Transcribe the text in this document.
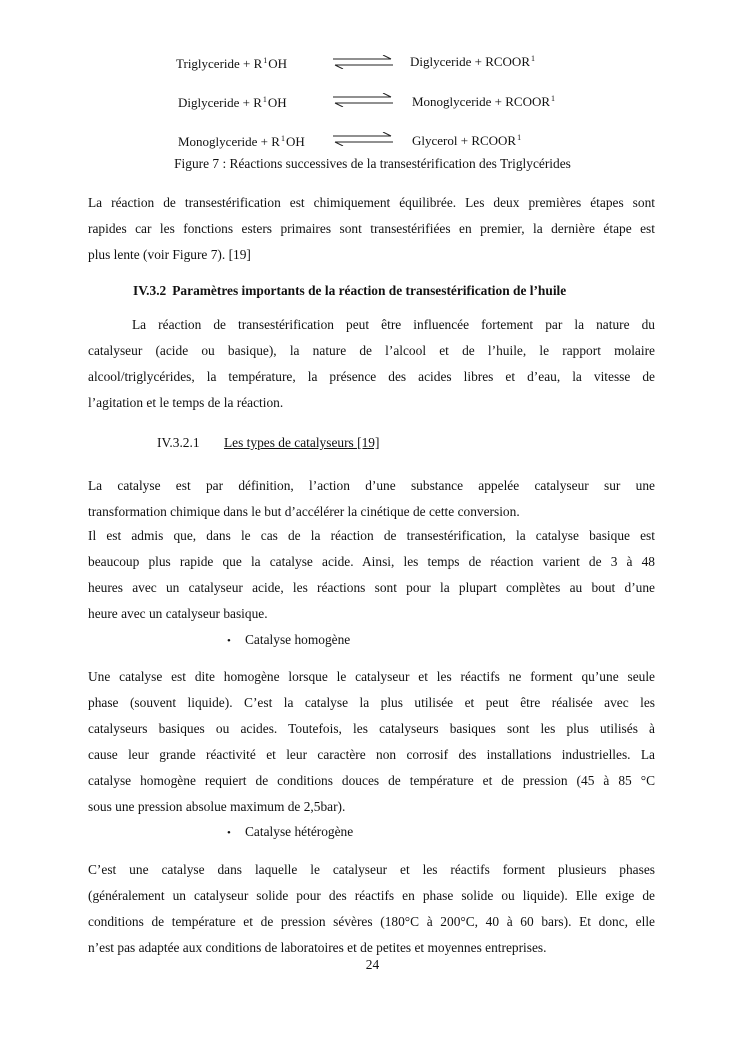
Triglyceride + $R^1OH$	⇌ Diglyceride + $RCOOR^1$
Diglyceride + $R^1OH$	⇌ Monoglyceride + $RCOOR^1$
Monoglyceride + $R^1OH$ ⇌ Glycerol + $RCOOR^1$
Figure 7 : Réactions successives de la transestérification des Triglycérides
La réaction de transestérification est chimiquement équilibrée. Les deux premières étapes sont
rapides car les fonctions esters primaires sont transestérifiées en premier, la dernière étape est
plus lente (voir Figure 7). [19]
IV.3.2 Paramètres importants de la réaction de transestérification de l’huile
La réaction de transestérification peut être influencée fortement par la nature du
catalyseur (acide ou basique), la nature de l’alcool et de l’huile, le rapport molaire
alcool/triglycérides, la température, la présence des acides libres et d’eau, la vitesse de
l’agitation et le temps de la réaction.
IV.3.2.1 Les types de catalyseurs [19]
La catalyse est par définition, l’action d’une substance appelée catalyseur sur une
transformation chimique dans le but d’accélérer la cinétique de cette conversion.
Il est admis que, dans le cas de la réaction de transestérification, la catalyse basique est
beaucoup plus rapide que la catalyse acide. Ainsi, les temps de réaction varient de 3 à 48
heures avec un catalyseur acide, les réactions sont pour la plupart complètes au bout d’une
heure avec un catalyseur basique.
• Catalyse homogène
Une catalyse est dite homogène lorsque le catalyseur et les réactifs ne forment qu’une seule
phase (souvent liquide). C’est la catalyse la plus utilisée et peut être réalisée avec les
catalyseurs basiques ou acides. Toutefois, les catalyseurs basiques sont les plus utilisés à
cause leur grande réactivité et leur caractère non corrosif des installations industrielles. La
catalyse homogène requiert de conditions douces de température et de pression (45 à 85 °C
sous une pression absolue maximum de 2,5bar).
• Catalyse hétérogène
C’est une catalyse dans laquelle le catalyseur et les réactifs forment plusieurs phases
(généralement un catalyseur solide pour des réactifs en phase solide ou liquide). Elle exige de
conditions de température et de pression sévères (180°C à 200°C, 40 à 60 bars). Et donc, elle
n’est pas adaptée aux conditions de laboratoires et de petites et moyennes entreprises.
24
